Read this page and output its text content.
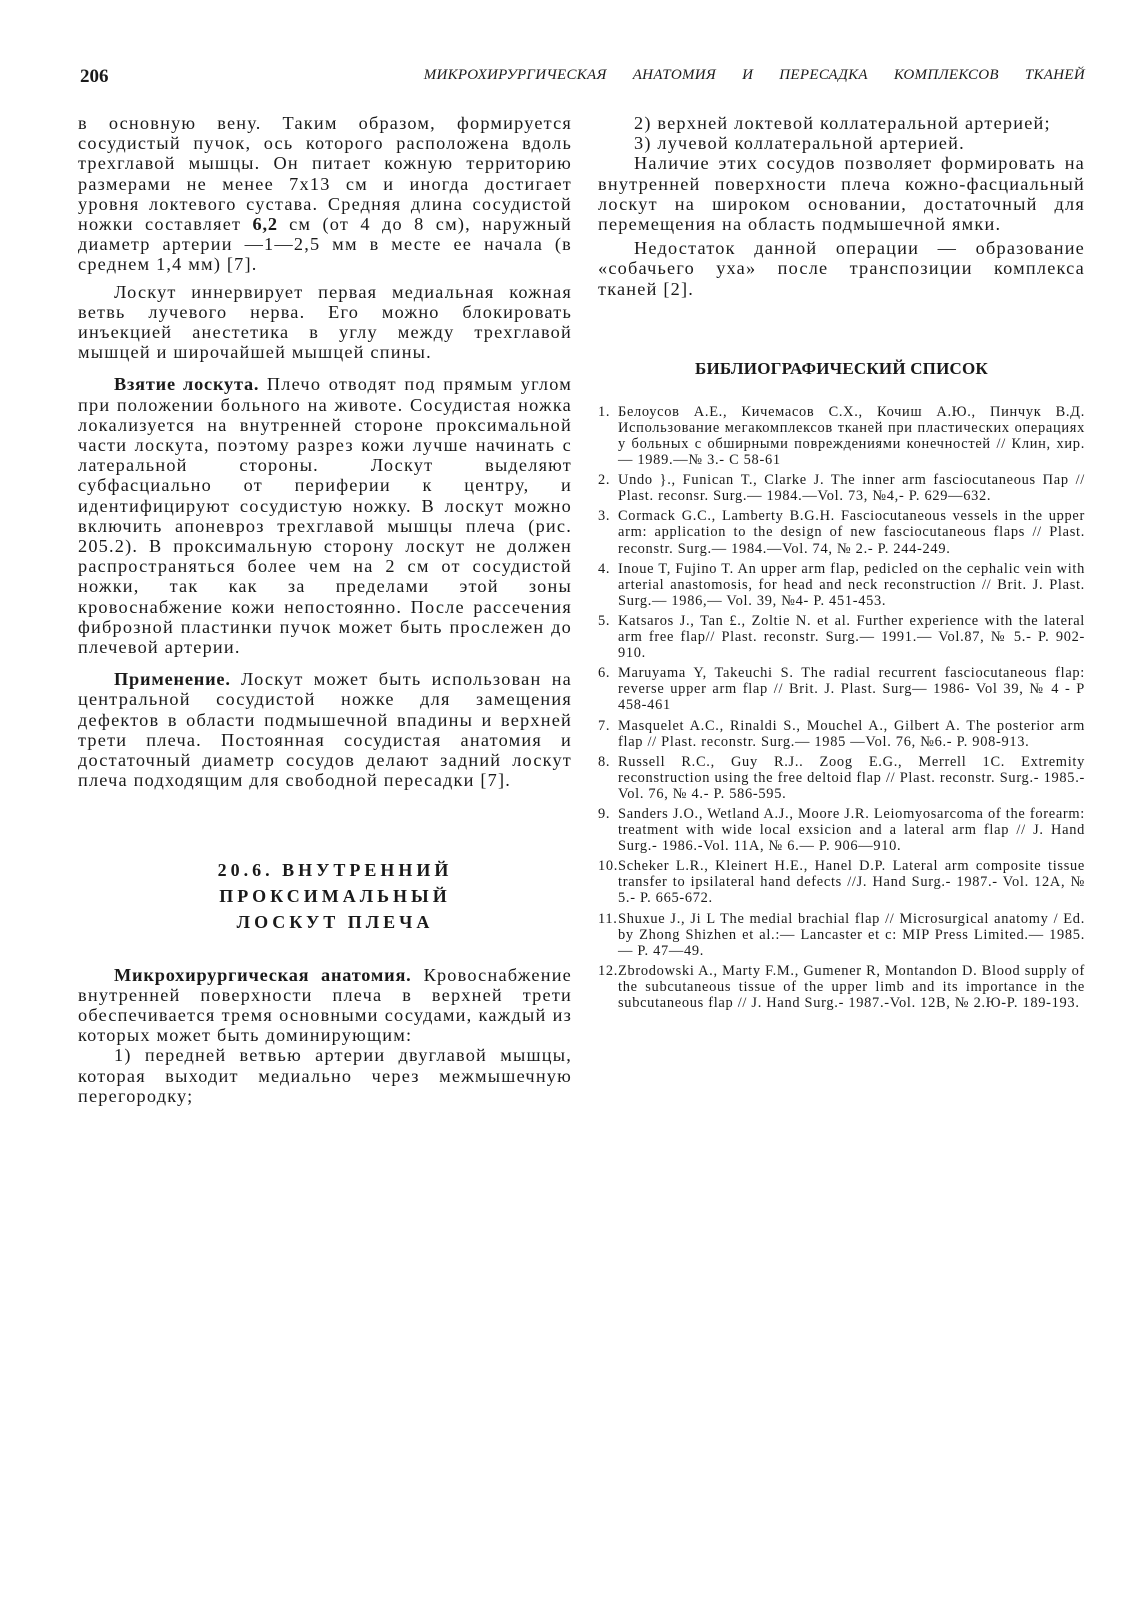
206	МИКРОХИРУРГИЧЕСКАЯ АНАТОМИЯ И ПЕРЕСАДКА КОМПЛЕКСОВ ТКАНЕЙ

в основную вену. Таким образом, формируется сосудистый пучок, ось которого расположена вдоль трехглавой мышцы. Он питает кожную территорию размерами не менее 7х13 см и иногда достигает уровня локтевого сустава. Средняя длина сосудистой ножки составляет 6,2 см (от 4 до 8 см), наружный диаметр артерии —1—2,5 мм в месте ее начала (в среднем 1,4 мм) [7].

Лоскут иннервирует первая медиальная кожная ветвь лучевого нерва. Его можно блокировать инъекцией анестетика в углу между трехглавой мышцей и широчайшей мышцей спины.

Взятие лоскута. Плечо отводят под прямым углом при положении больного на животе. Сосудистая ножка локализуется на внутренней стороне проксимальной части лоскута, поэтому разрез кожи лучше начинать с латеральной стороны. Лоскут выделяют субфасциально от периферии к центру, и идентифицируют сосудистую ножку. В лоскут можно включить апоневроз трехглавой мышцы плеча (рис. 205.2). В проксимальную сторону лоскут не должен распространяться более чем на 2 см от сосудистой ножки, так как за пределами этой зоны кровоснабжение кожи непостоянно. После рассечения фиброзной пластинки пучок может быть прослежен до плечевой артерии.

Применение. Лоскут может быть использован на центральной сосудистой ножке для замещения дефектов в области подмышечной впадины и верхней трети плеча. Постоянная сосудистая анатомия и достаточный диаметр сосудов делают задний лоскут плеча подходящим для свободной пересадки [7].

20.6. ВНУТРЕННИЙ ПРОКСИМАЛЬНЫЙ
ЛОСКУТ ПЛЕЧА

Микрохирургическая анатомия. Кровоснабжение внутренней поверхности плеча в верхней трети обеспечивается тремя основными сосудами, каждый из которых может быть доминирующим:

1) передней ветвью артерии двуглавой мышцы, которая выходит медиально через межмышечную перегородку;

2) верхней локтевой коллатеральной артерией;

3) лучевой коллатеральной артерией.

Наличие этих сосудов позволяет формировать на внутренней поверхности плеча кожно-фасциальный лоскут на широком основании, достаточный для перемещения на область подмышечной ямки.

Недостаток данной операции — образование «собачьего уха» после транспозиции комплекса тканей [2].

БИБЛИОГРАФИЧЕСКИЙ СПИСОК
1. Белоусов А.Е., Кичемасов С.Х., Кочиш А.Ю., Пинчук В.Д. Использование мегакомплексов тканей при пластических операциях у больных с обширными повреждениями конечностей // Клин, хир.— 1989.—№ 3.- С 58-61
2. Undo }., Funican Т., Clarke J. The inner arm fasciocutaneous Пар // Plast. reconsr. Surg.— 1984.—Vol. 73, №4,- P. 629—632.
3. Cormack G.C., Lamberty B.G.H. Fasciocutaneous vessels in the upper arm: application to the design of new fasciocutaneous flaps // Plast. reconstr. Surg.— 1984.—Vol. 74, № 2.- P. 244-249.
4. Inoue T, Fujino T. An upper arm flap, pedicled on the cephalic vein with arterial anastomosis, for head and neck reconstruction // Brit. J. Plast. Surg.— 1986,— Vol. 39, №4- P. 451-453.
5. Katsaros J., Tan £., Zoltie N. et al. Further experience with the lateral arm free flap// Plast. reconstr. Surg.— 1991.— Vol.87, № 5.- P. 902-910.
6. Maruyama Y, Takeuchi S. The radial recurrent fasciocutaneous flap: reverse upper arm flap // Brit. J. Plast. Surg— 1986- Vol 39, № 4 - P 458-461
7. Masquelet A.C., Rinaldi S., Mouchel A., Gilbert A. The posterior arm flap // Plast. reconstr. Surg.— 1985 —Vol. 76, №6.- P. 908-913.
8. Russell R.C., Guy R.J.. Zoog E.G., Merrell 1C. Extremity reconstruction using the free deltoid flap // Plast. reconstr. Surg.- 1985.- Vol. 76, № 4.- P. 586-595.
9. Sanders J.O., Wetland A.J., Moore J.R. Leiomyosarcoma of the forearm: treatment with wide local exsicion and a lateral arm flap // J. Hand Surg.- 1986.-Vol. 11A, № 6.— P. 906—910.
10. Scheker L.R., Kleinert H.E., Hanel D.P. Lateral arm composite tissue transfer to ipsilateral hand defects //J. Hand Surg.- 1987.- Vol. 12A, № 5.- P. 665-672.
11. Shuxue J., Ji L The medial brachial flap // Microsurgical anatomy / Ed. by Zhong Shizhen et al.:— Lancaster et c: MIP Press Limited.— 1985.— P. 47—49.
12. Zbrodowski A., Marty F.M., Gumener R, Montandon D. Blood supply of the subcutaneous tissue of the upper limb and its importance in the subcutaneous flap // J. Hand Surg.- 1987.-Vol. 12B, № 2.Ю-P. 189-193.
